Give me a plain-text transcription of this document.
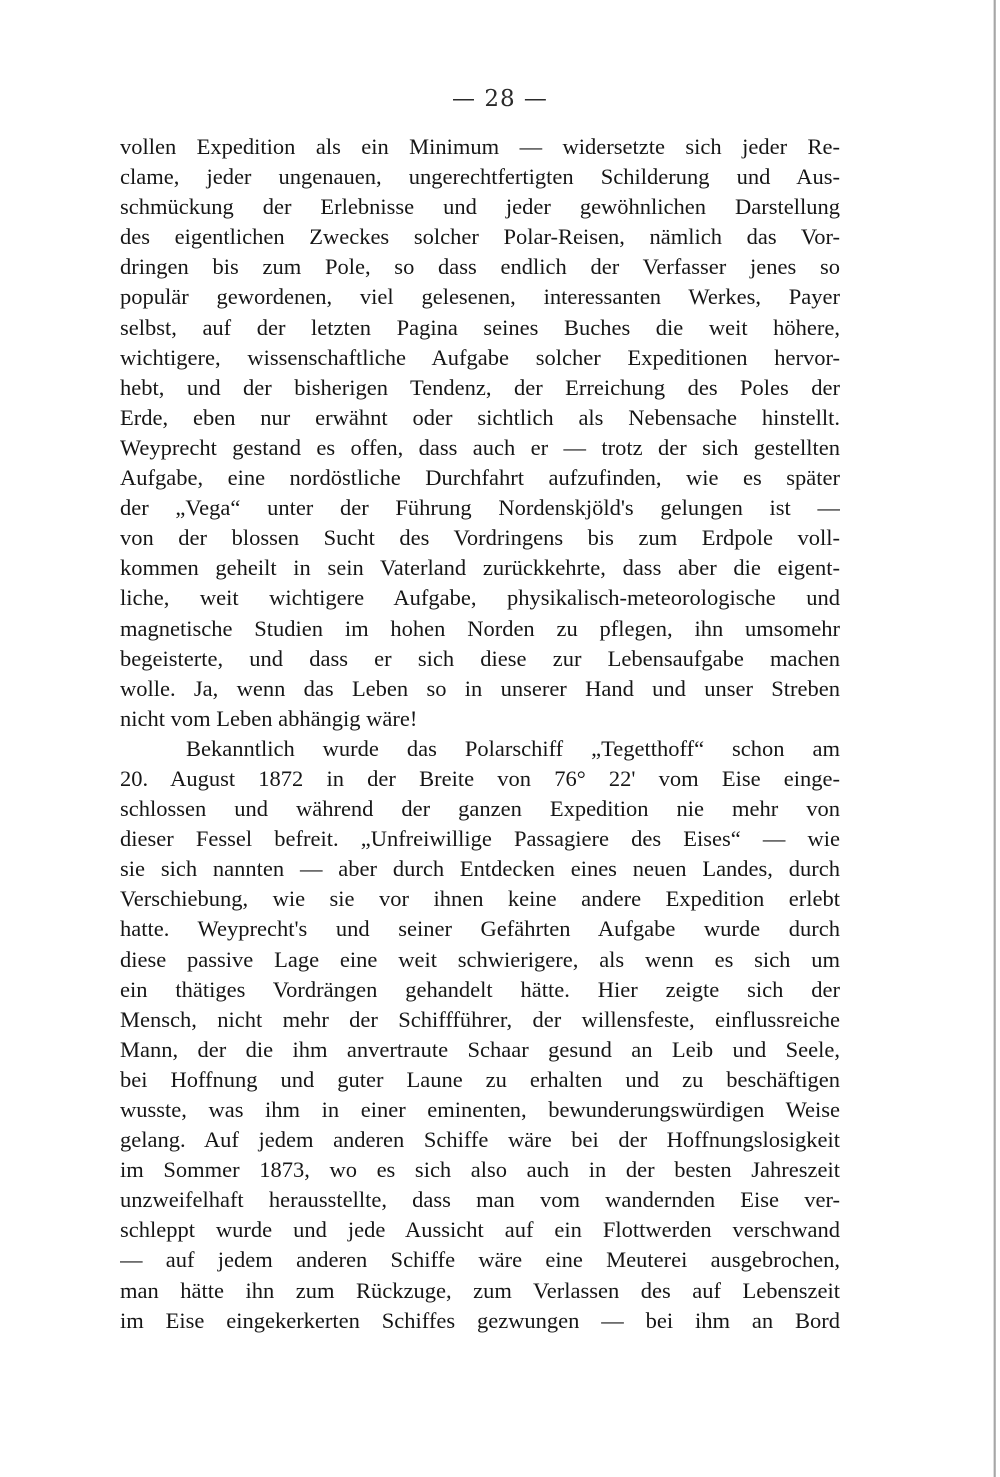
— 28 —
vollen Expedition als ein Minimum — widersetzte sich jeder Re-
clame, jeder ungenauen, ungerechtfertigten Schilderung und Aus-
schmückung der Erlebnisse und jeder gewöhnlichen Darstellung
des eigentlichen Zweckes solcher Polar-Reisen, nämlich das Vor-
dringen bis zum Pole, so dass endlich der Verfasser jenes so
populär gewordenen, viel gelesenen, interessanten Werkes, Payer
selbst, auf der letzten Pagina seines Buches die weit höhere,
wichtigere, wissenschaftliche Aufgabe solcher Expeditionen hervor-
hebt, und der bisherigen Tendenz, der Erreichung des Poles der
Erde, eben nur erwähnt oder sichtlich als Nebensache hinstellt.
Weyprecht gestand es offen, dass auch er — trotz der sich gestellten
Aufgabe, eine nordöstliche Durchfahrt aufzufinden, wie es später
der „Vega“ unter der Führung Nordenskjöld's gelungen ist —
von der blossen Sucht des Vordringens bis zum Erdpole voll-
kommen geheilt in sein Vaterland zurückkehrte, dass aber die eigent-
liche, weit wichtigere Aufgabe, physikalisch-meteorologische und
magnetische Studien im hohen Norden zu pflegen, ihn umsomehr
begeisterte, und dass er sich diese zur Lebensaufgabe machen
wolle. Ja, wenn das Leben so in unserer Hand und unser Streben
nicht vom Leben abhängig wäre!
Bekanntlich wurde das Polarschiff „Tegetthoff“ schon am
20. August 1872 in der Breite von 76° 22' vom Eise einge-
schlossen und während der ganzen Expedition nie mehr von
dieser Fessel befreit. „Unfreiwillige Passagiere des Eises“ — wie
sie sich nannten — aber durch Entdecken eines neuen Landes, durch
Verschiebung, wie sie vor ihnen keine andere Expedition erlebt
hatte. Weyprecht's und seiner Gefährten Aufgabe wurde durch
diese passive Lage eine weit schwierigere, als wenn es sich um
ein thätiges Vordrängen gehandelt hätte. Hier zeigte sich der
Mensch, nicht mehr der Schiffführer, der willensfeste, einflussreiche
Mann, der die ihm anvertraute Schaar gesund an Leib und Seele,
bei Hoffnung und guter Laune zu erhalten und zu beschäftigen
wusste, was ihm in einer eminenten, bewunderungswürdigen Weise
gelang. Auf jedem anderen Schiffe wäre bei der Hoffnungslosigkeit
im Sommer 1873, wo es sich also auch in der besten Jahreszeit
unzweifelhaft herausstellte, dass man vom wandernden Eise ver-
schleppt wurde und jede Aussicht auf ein Flottwerden verschwand
— auf jedem anderen Schiffe wäre eine Meuterei ausgebrochen,
man hätte ihn zum Rückzuge, zum Verlassen des auf Lebenszeit
im Eise eingekerkerten Schiffes gezwungen — bei ihm an Bord
